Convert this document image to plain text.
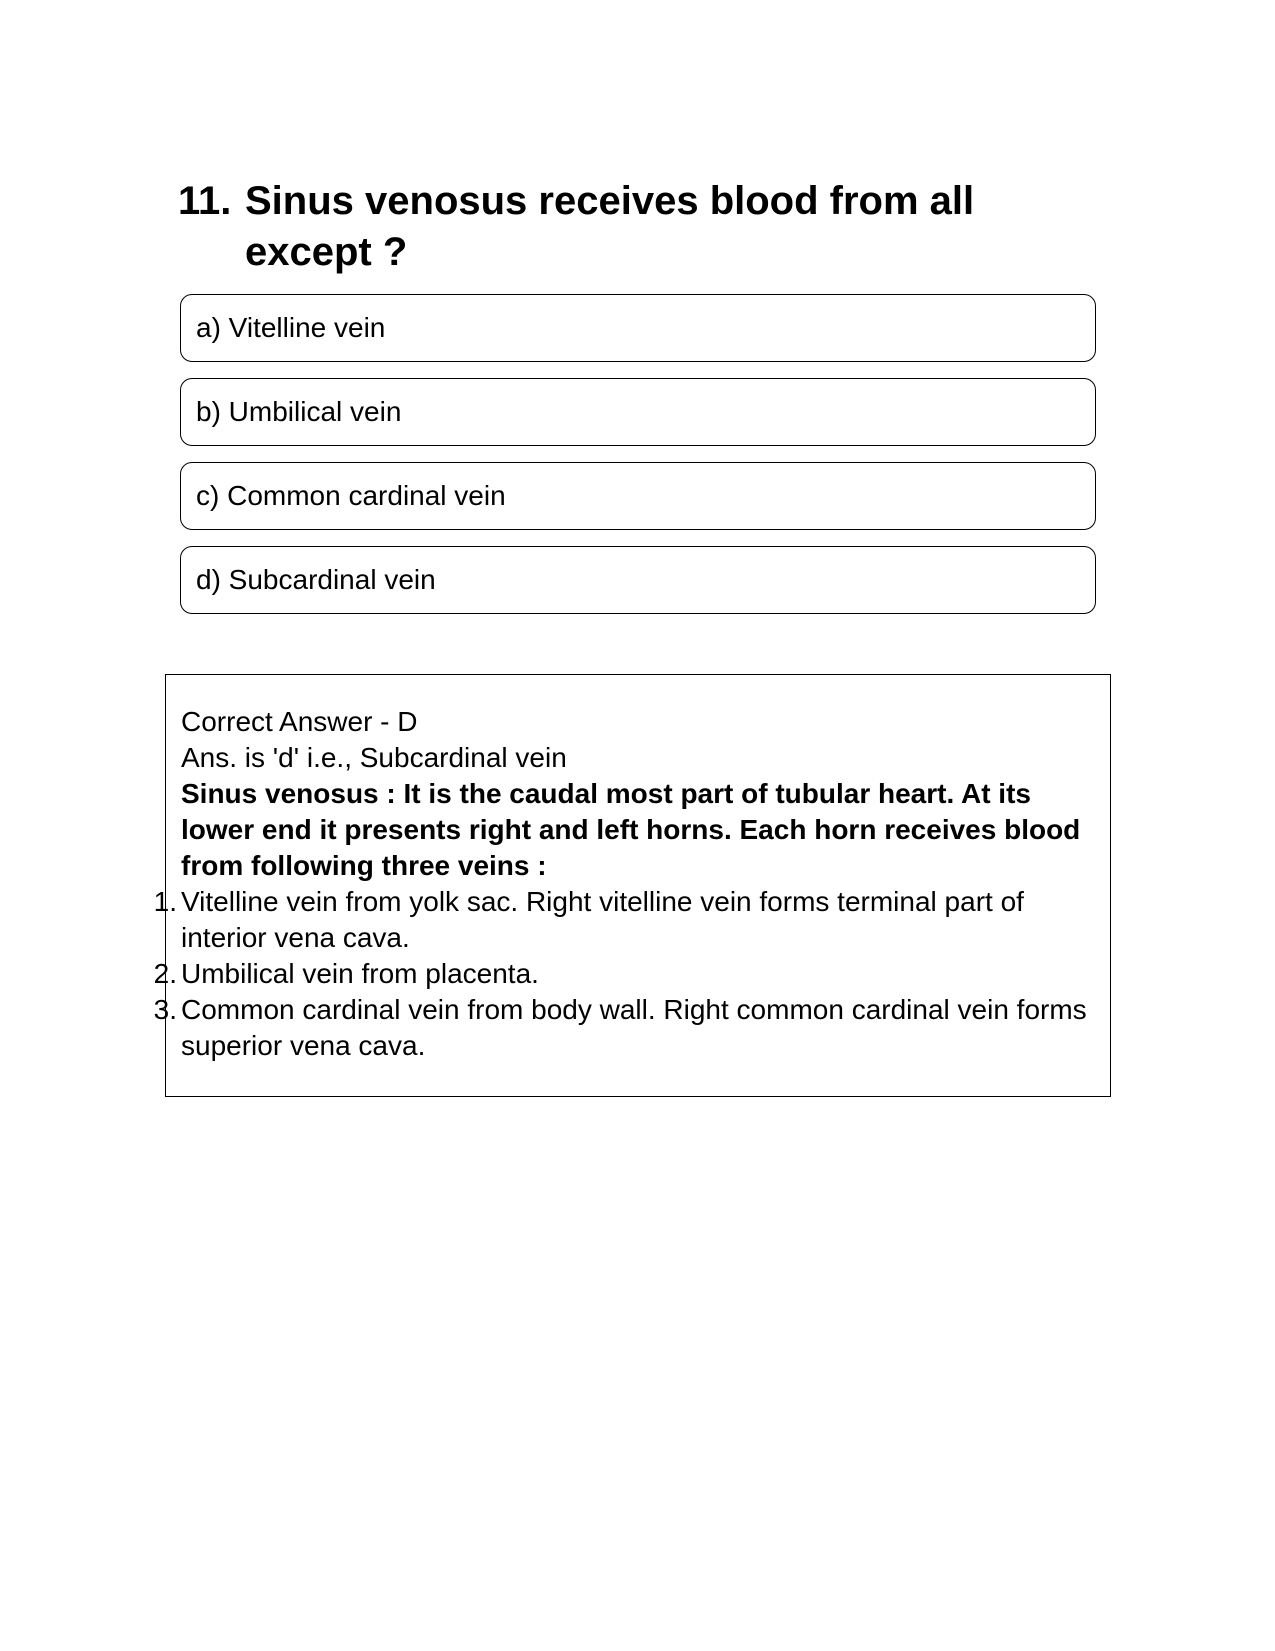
11. Sinus venosus receives blood from all except ?
a) Vitelline vein
b) Umbilical vein
c) Common cardinal vein
d) Subcardinal vein

Correct Answer - D

Ans. is 'd' i.e., Subcardinal vein

Sinus venosus : It is the caudal most part of tubular heart. At its lower end it presents right and left horns. Each horn receives blood from following three veins :

1. Vitelline vein from yolk sac. Right vitelline vein forms terminal part of interior vena cava.
2. Umbilical vein from placenta.
3. Common cardinal vein from body wall. Right common cardinal vein forms superior vena cava.
